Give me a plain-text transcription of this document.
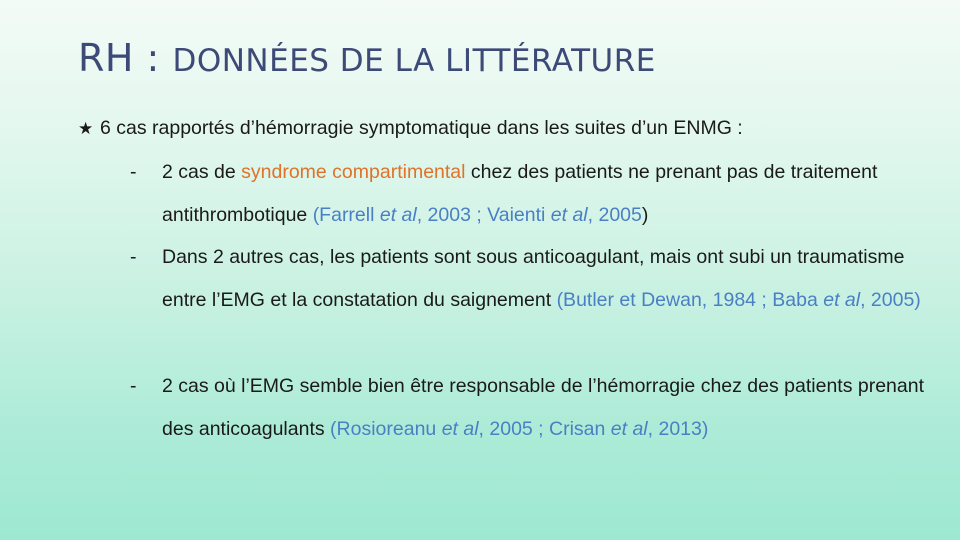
RH : DONNÉES DE LA LITTÉRATURE
★ 6 cas rapportés d’hémorragie symptomatique dans les suites d’un ENMG :
-	2 cas de syndrome compartimental chez des patients ne prenant pas de traitement antithrombotique (Farrell et al, 2003 ; Vaienti et al, 2005)
-	Dans 2 autres cas, les patients sont sous anticoagulant, mais ont subi un traumatisme entre l’EMG et la constatation du saignement (Butler et Dewan, 1984 ; Baba et al, 2005)
-	2 cas où l’EMG semble bien être responsable de l’hémorragie chez des patients prenant des anticoagulants (Rosioreanu et al, 2005 ; Crisan et al, 2013)
